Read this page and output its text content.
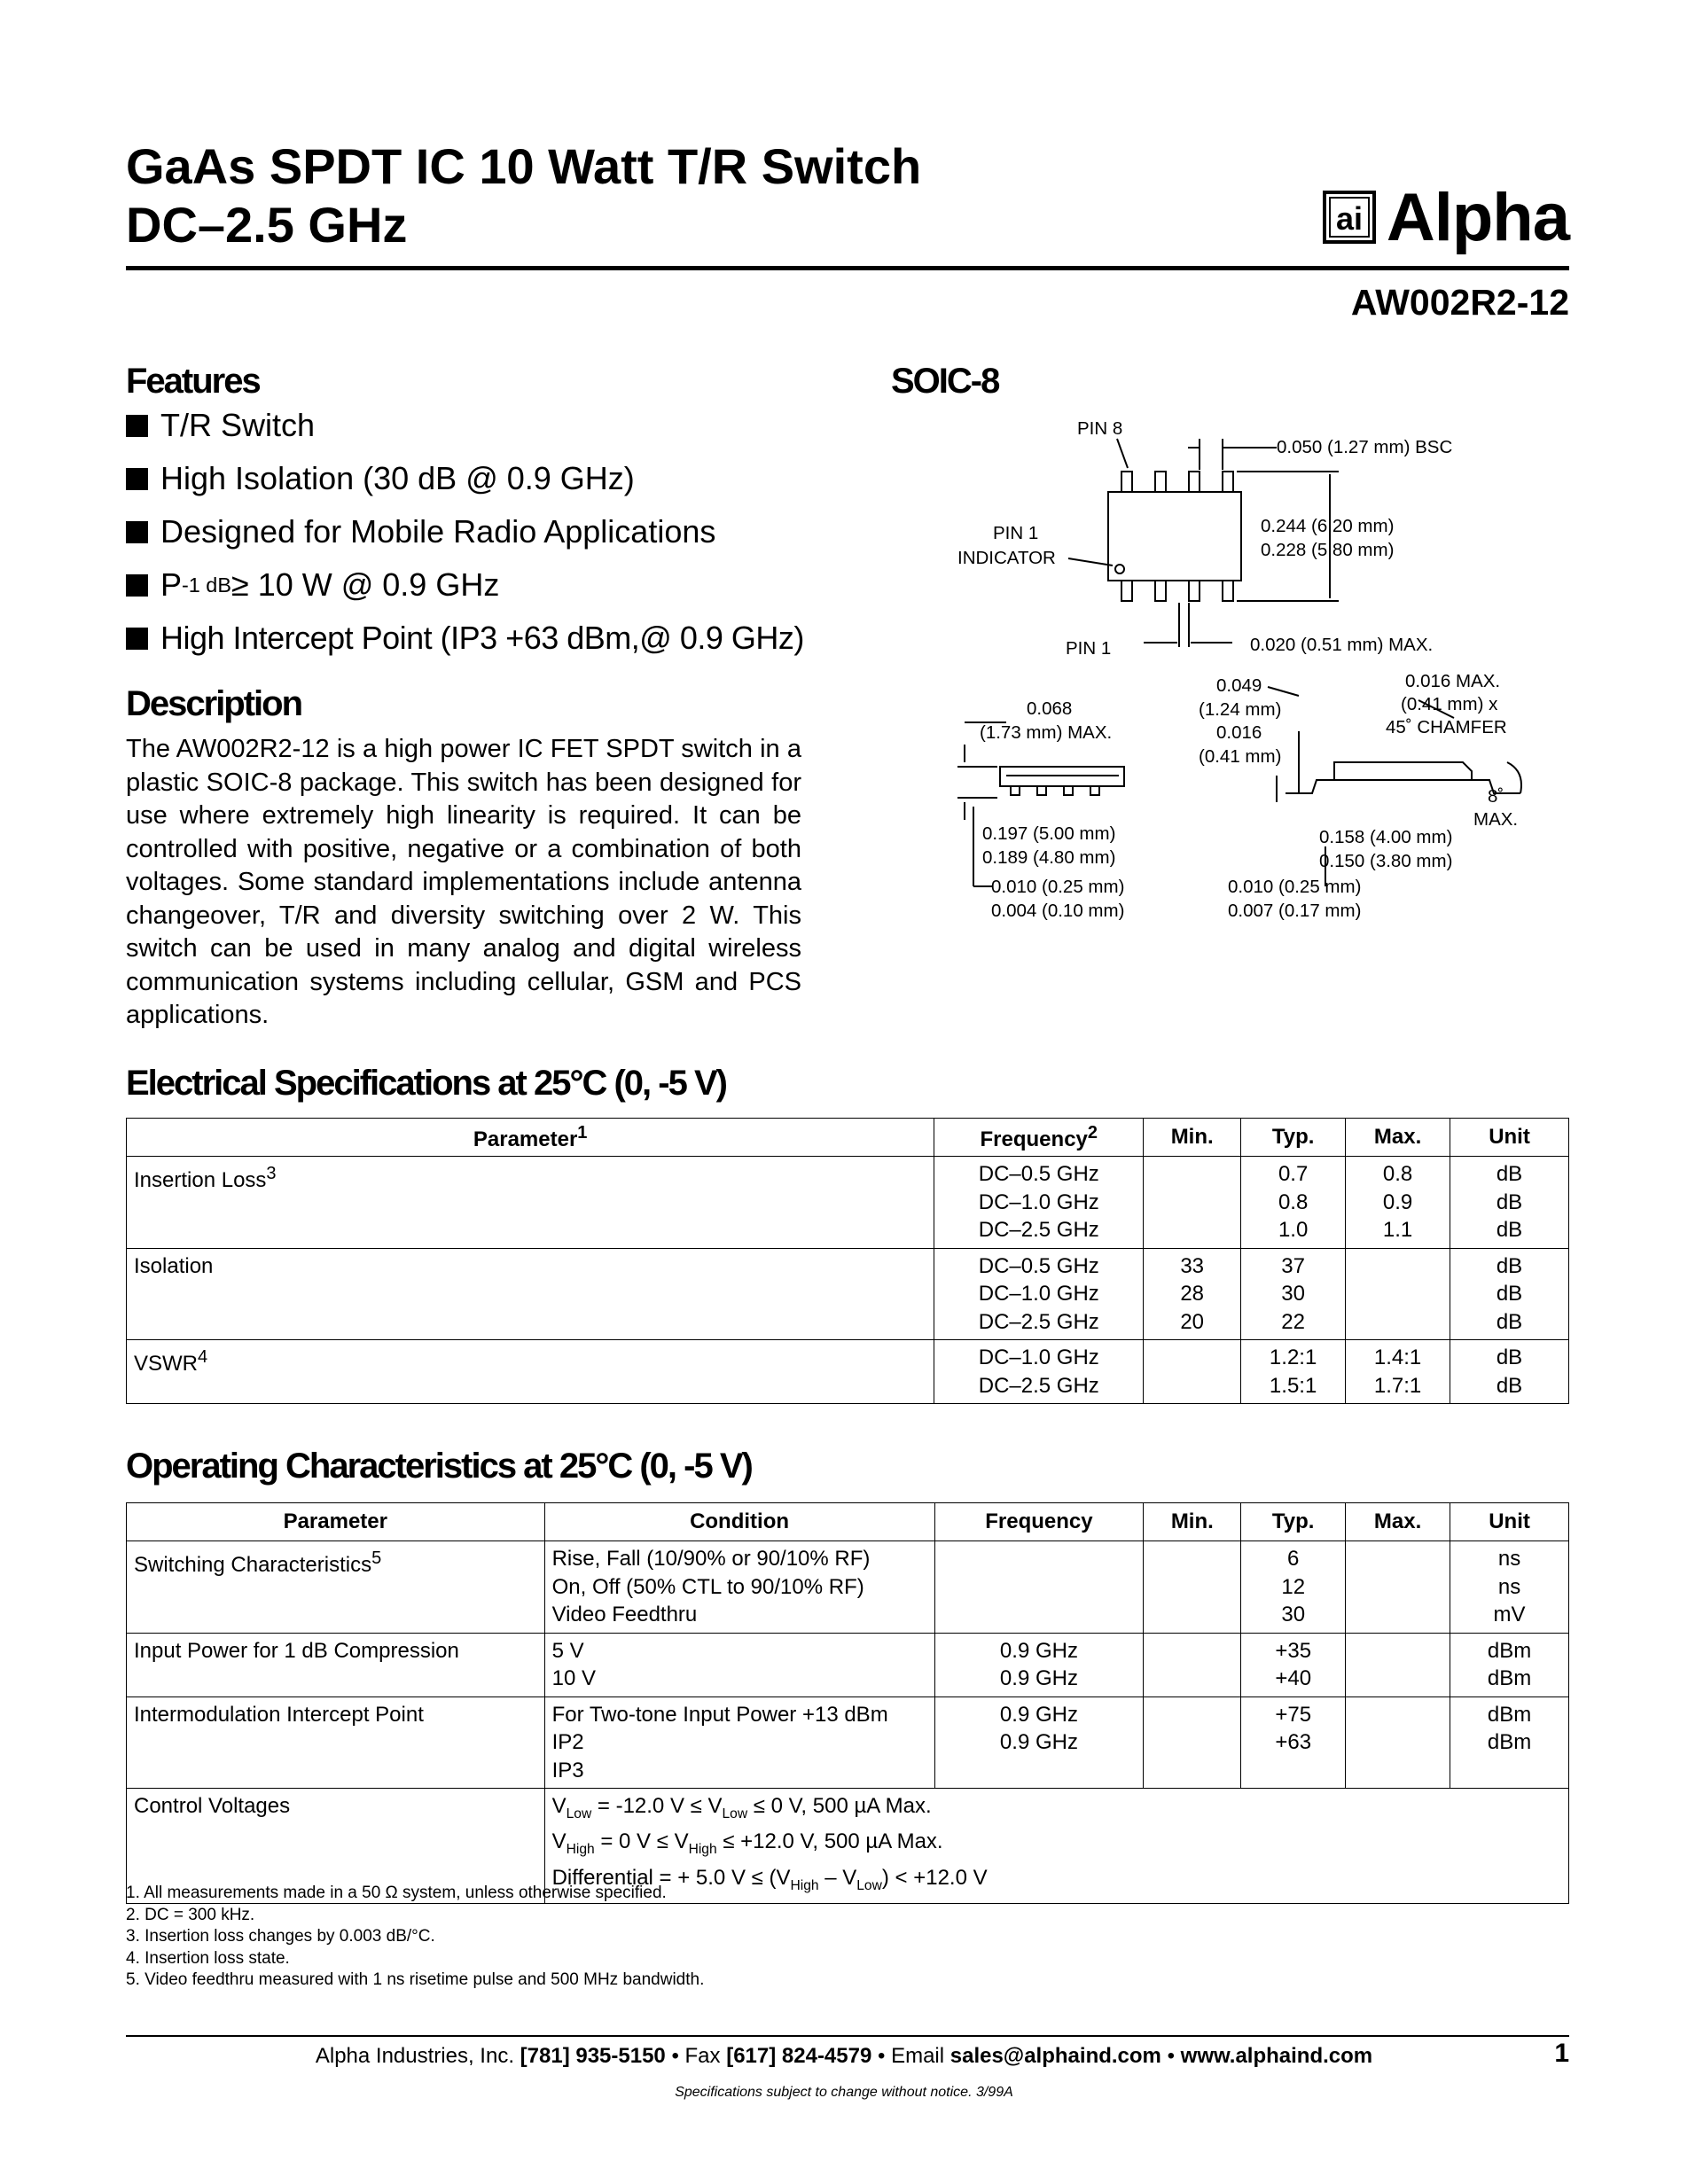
GaAs SPDT IC 10 Watt T/R Switch
DC–2.5 GHz	ai Alpha
AW002R2-12
Features
T/R Switch
High Isolation (30 dB @ 0.9 GHz)
Designed for Mobile Radio Applications
P -1 dB ≥ 10 W @ 0.9 GHz
High Intercept Point (IP3 +63 dBm,@ 0.9 GHz)
Description
The AW002R2-12 is a high power IC FET SPDT switch in a plastic SOIC-8 package. This switch has been designed for use where extremely high linearity is required. It can be controlled with positive, negative or a combination of both voltages. Some standard implementations include antenna changeover, T/R and diversity switching over 2 W. This switch can be used in many analog and digital wireless communication systems including cellular, GSM and PCS applications.
SOIC-8
PIN 8
0.050 (1.27 mm) BSC
PIN 1
INDICATOR
0.244 (6.20 mm)
0.228 (5.80 mm)
PIN 1	0.020 (0.51 mm) MAX.
0.068
(1.73 mm) MAX.
0.197 (5.00 mm)
0.189 (4.80 mm)
0.010 (0.25 mm)
0.004 (0.10 mm)
0.049
(1.24 mm)
0.016
(0.41 mm)
0.016 MAX.
(0.41 mm) x
45˚ CHAMFER
8˚
MAX.
0.158 (4.00 mm)
0.150 (3.80 mm)
0.010 (0.25 mm)
0.007 (0.17 mm)
Electrical Specifications at 25°C (0, -5 V)
Parameter$^1$	Frequency$^2$	Min.	Typ.	Max.	Unit
Insertion Loss$^3$	DC–0.5 GHz
DC–1.0 GHz
DC–2.5 GHz		0.7
0.8
1.0	0.8
0.9
1.1	dB
dB
dB

Isolation	DC–0.5 GHz
DC–1.0 GHz
DC–2.5 GHz	33
28
20	37
30
22		dB
dB
dB

VSWR$^4$	DC–1.0 GHz
DC–2.5 GHz		1.2:1
1.5:1	1.4:1
1.7:1	dB
dB
Operating Characteristics at 25°C (0, -5 V)
Parameter	Condition	Frequency	Min.	Typ.	Max.	Unit
Switching Characteristics$^5$	Rise, Fall (10/90% or 90/10% RF)
On, Off (50% CTL to 90/10% RF)
Video Feedthru			6
12
30		ns
ns
mV

Input Power for 1 dB Compression	5 V
10 V	0.9 GHz
0.9 GHz		+35
+40		dBm
dBm

Intermodulation Intercept Point	For Two-tone Input Power +13 dBm
IP2
IP3	0.9 GHz
0.9 GHz		+75
+63		dBm
dBm

Control Voltages	$V_{Low} = -12.0$ $V \le V_{Low} \le 0$ V, 500 µA Max.
$V_{High} = 0$ $V \le V_{High} \le +12.0$ V, 500 µA Max.
Differential = + 5.0 $V \le (V_{High} - V_{Low}) < +12.0$ V					
1. All measurements made in a 50 Ω system, unless otherwise specified.
2. DC = 300 kHz.
3. Insertion loss changes by 0.003 dB/°C.
4. Insertion loss state.
5. Video feedthru measured with 1 ns risetime pulse and 500 MHz bandwidth.
Alpha Industries, Inc. [781] 935-5150 • Fax [617] 824-4579 • Email sales@alphaind.com • www.alphaind.com	1
Specifications subject to change without notice. 3/99A
